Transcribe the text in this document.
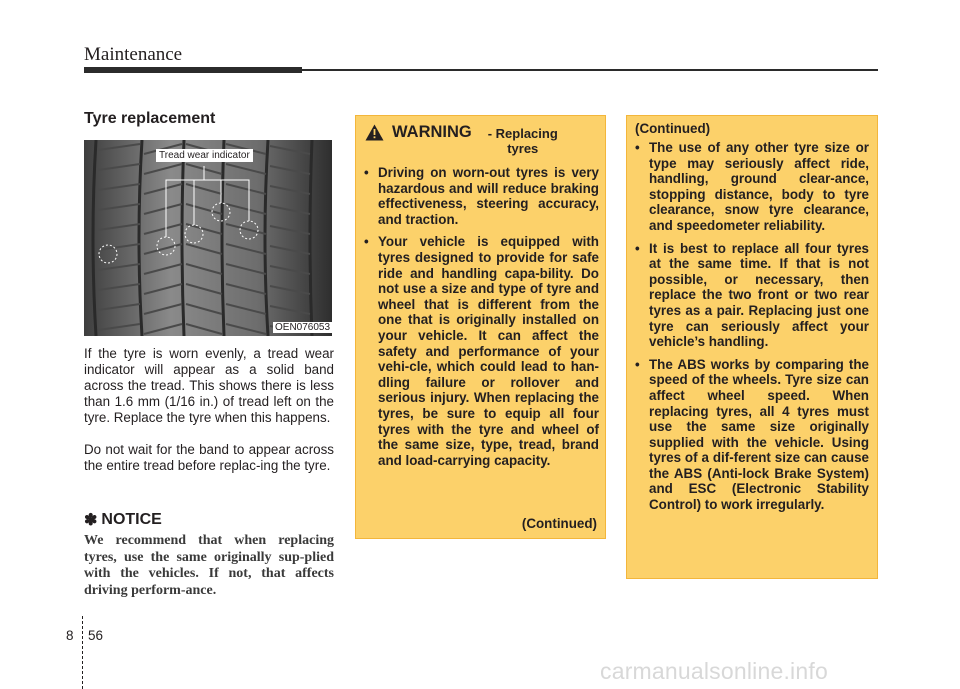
Maintenance
Tyre replacement
Tread wear indicator
OEN076053

If the tyre is worn evenly, a tread wear indicator will appear as a solid band across the tread. This shows there is less than 1.6 mm (1/16 in.) of tread left on the tyre. Replace the tyre when this happens.

Do not wait for the band to appear across the entire tread before replac-ing the tyre.

✽ NOTICE

We recommend that when replacing tyres, use the same originally sup-plied with the vehicles. If not, that affects driving perform-ance.

WARNING	- Replacing tyres
• Driving on worn-out tyres is very hazardous and will reduce braking effectiveness, steering accuracy, and traction.
• Your vehicle is equipped with tyres designed to provide for safe ride and handling capa-bility. Do not use a size and type of tyre and wheel that is different from the one that is originally installed on your vehicle. It can affect the safety and performance of your vehi-cle, which could lead to han-dling failure or rollover and serious injury. When replacing the tyres, be sure to equip all four tyres with the tyre and wheel of the same size, type, tread, brand and load-carrying capacity.
(Continued)
(Continued)
• The use of any other tyre size or type may seriously affect ride, handling, ground clear-ance, stopping distance, body to tyre clearance, snow tyre clearance, and speedometer reliability.
• It is best to replace all four tyres at the same time. If that is not possible, or necessary, then replace the two front or two rear tyres as a pair. Replacing just one tyre can seriously affect your vehicle’s handling.
• The ABS works by comparing the speed of the wheels. Tyre size can affect wheel speed. When replacing tyres, all 4 tyres must use the same size originally supplied with the vehicle. Using tyres of a dif-ferent size can cause the ABS (Anti-lock Brake System) and ESC (Electronic Stability Control) to work irregularly.
8 56
carmanualsonline.info
